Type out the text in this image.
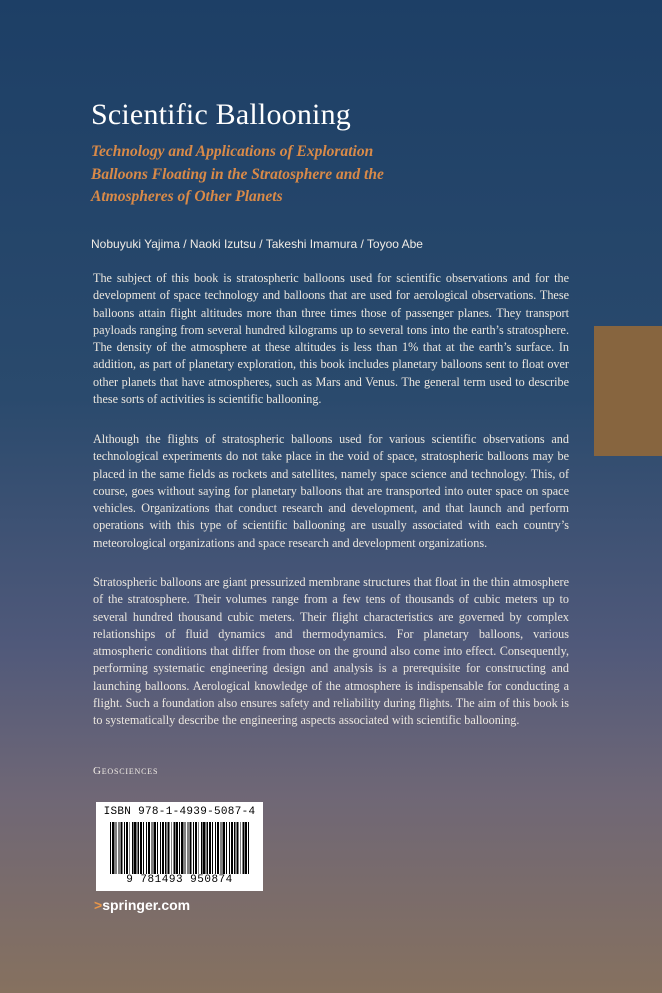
Scientific Ballooning
Technology and Applications of Exploration Balloons Floating in the Stratosphere and the Atmospheres of Other Planets
Nobuyuki Yajima / Naoki Izutsu / Takeshi Imamura / Toyoo Abe

The subject of this book is stratospheric balloons used for scientific observations and for the development of space technology and balloons that are used for aerological observations. These balloons attain flight altitudes more than three times those of passenger planes. They transport payloads ranging from several hundred kilograms up to several tons into the earth’s stratosphere. The density of the atmosphere at these altitudes is less than 1% that at the earth’s surface. In addition, as part of planetary exploration, this book includes planetary balloons sent to float over other planets that have atmospheres, such as Mars and Venus. The general term used to describe these sorts of activities is scientific ballooning.

Although the flights of stratospheric balloons used for various scientific observations and technological experiments do not take place in the void of space, stratospheric balloons may be placed in the same fields as rockets and satellites, namely space science and technology. This, of course, goes without saying for planetary balloons that are transported into outer space on space vehicles. Organizations that conduct research and development, and that launch and perform operations with this type of scientific ballooning are usually associated with each country’s meteorological organizations and space research and development organizations.

Stratospheric balloons are giant pressurized membrane structures that float in the thin atmosphere of the stratosphere. Their volumes range from a few tens of thousands of cubic meters up to several hundred thousand cubic meters. Their flight characteristics are governed by complex relationships of fluid dynamics and thermodynamics. For planetary balloons, various atmospheric conditions that differ from those on the ground also come into effect. Consequently, performing systematic engineering design and analysis is a prerequisite for constructing and launching balloons. Aerological knowledge of the atmosphere is indispensable for conducting a flight. Such a foundation also ensures safety and reliability during flights. The aim of this book is to systematically describe the engineering aspects associated with scientific ballooning.

Geosciences
ISBN 978-1-4939-5087-4
9 781493 950874
>springer.com
